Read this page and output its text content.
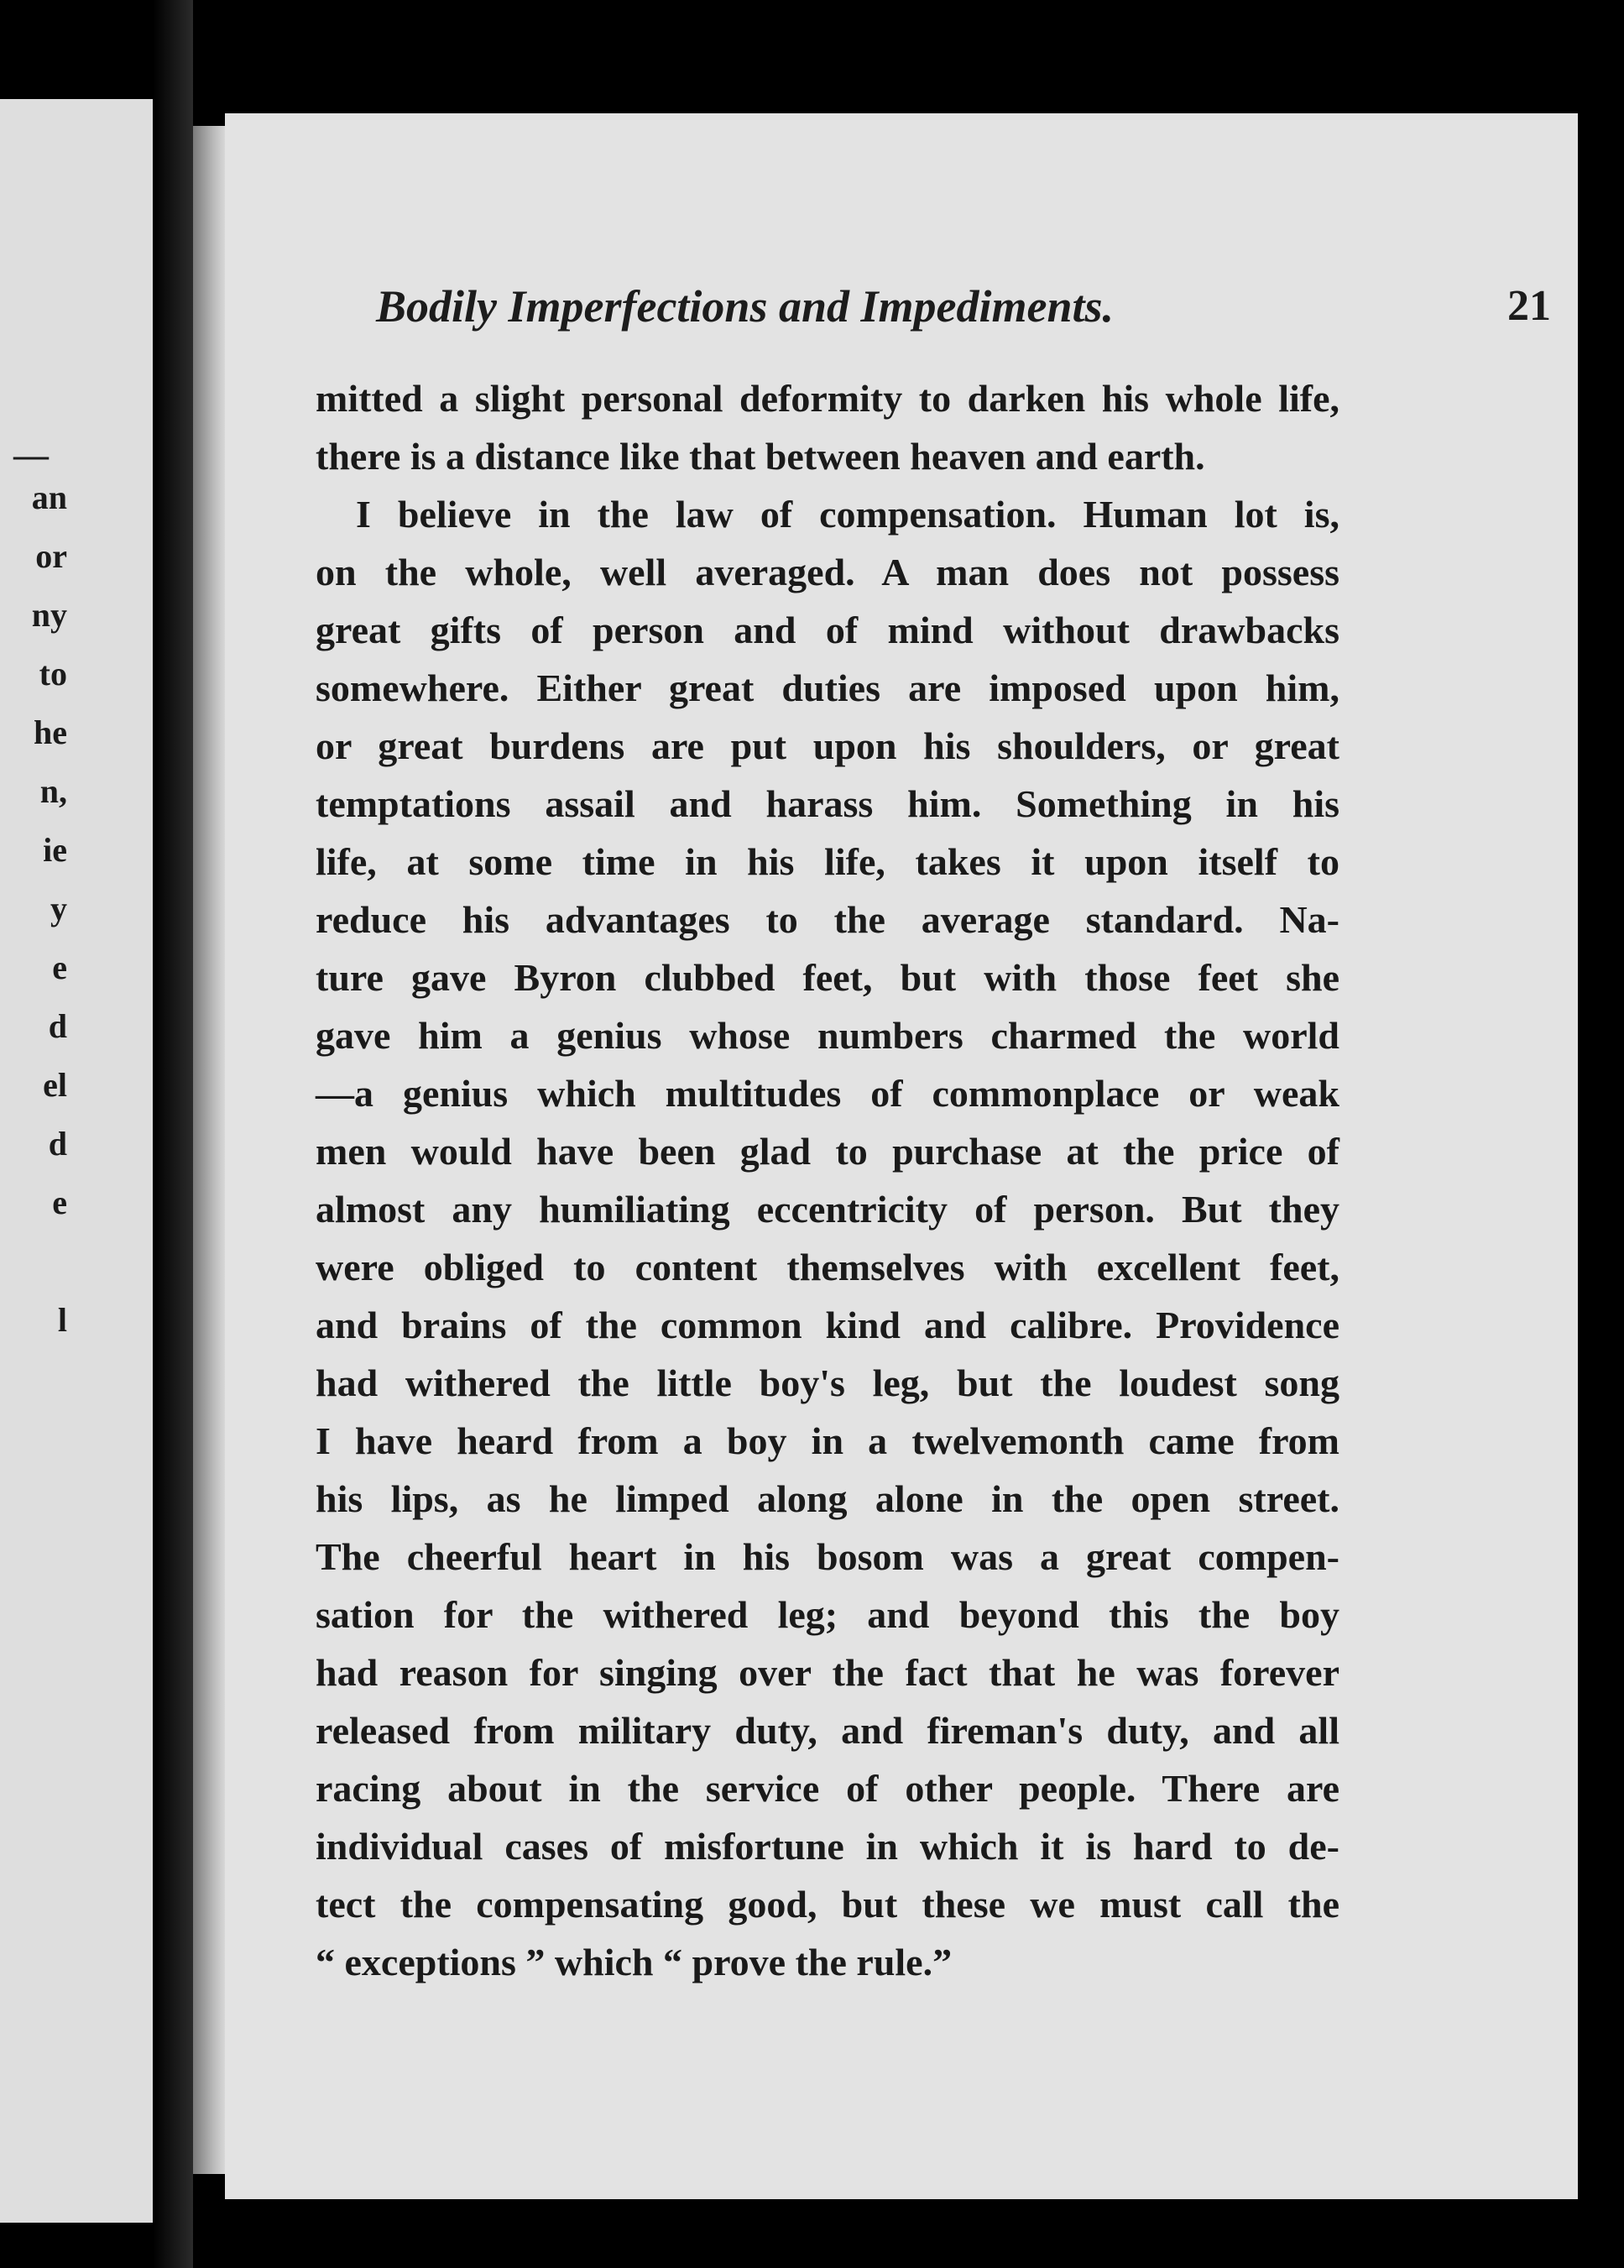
—
an
or
ny
to
he
n,
ie
y
e
d
el
d
e
l
Bodily Imperfections and Impediments.	21
mitted a slight personal deformity to darken his whole life,
there is a distance like that between heaven and earth.
I believe in the law of compensation. Human lot is,
on the whole, well averaged. A man does not possess
great gifts of person and of mind without drawbacks
somewhere. Either great duties are imposed upon him,
or great burdens are put upon his shoulders, or great
temptations assail and harass him. Something in his
life, at some time in his life, takes it upon itself to
reduce his advantages to the average standard. Na-
ture gave Byron clubbed feet, but with those feet she
gave him a genius whose numbers charmed the world
—a genius which multitudes of commonplace or weak
men would have been glad to purchase at the price of
almost any humiliating eccentricity of person. But they
were obliged to content themselves with excellent feet,
and brains of the common kind and calibre. Providence
had withered the little boy's leg, but the loudest song
I have heard from a boy in a twelvemonth came from
his lips, as he limped along alone in the open street.
The cheerful heart in his bosom was a great compen-
sation for the withered leg; and beyond this the boy
had reason for singing over the fact that he was forever
released from military duty, and fireman's duty, and all
racing about in the service of other people. There are
individual cases of misfortune in which it is hard to de-
tect the compensating good, but these we must call the
“ exceptions ” which “ prove the rule.”
